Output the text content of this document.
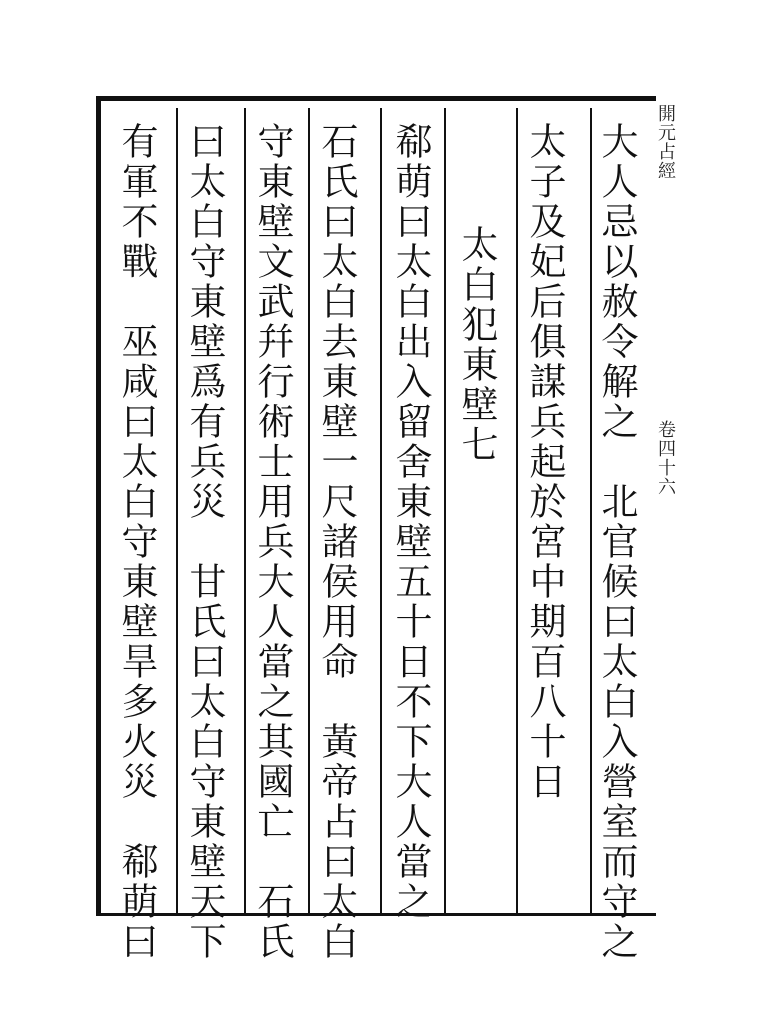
大人忌以赦令解之　北官候曰太白入營室而守之
太子及妃后俱謀兵起於宮中期百八十日
太白犯東壁七
郗萌曰太白出入留舍東壁五十日不下大人當之
石氏曰太白去東壁一尺諸侯用命　黃帝占曰太白
守東壁文武幷行術士用兵大人當之其國亡　石氏
曰太白守東壁爲有兵災　甘氏曰太白守東壁天下
有軍不戰　巫咸曰太白守東壁旱多火災　郗萌曰	開元占經卷四十六
